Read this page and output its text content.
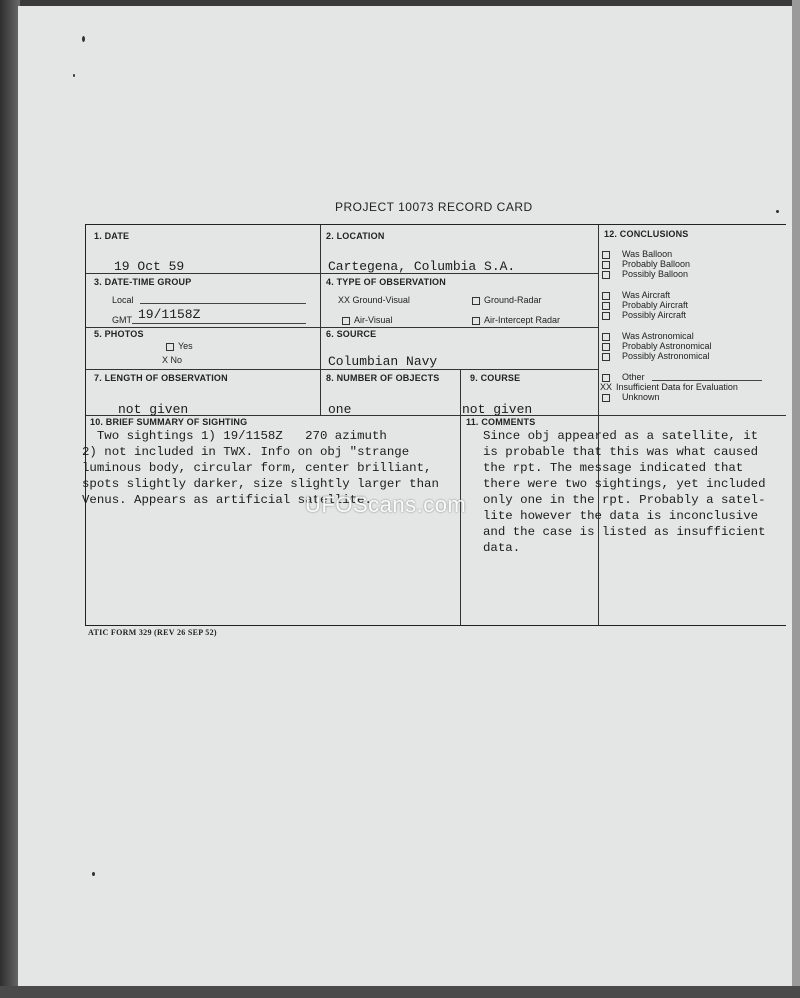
PROJECT 10073 RECORD CARD
1. DATE
19 Oct 59
2. LOCATION
Cartegena, Columbia S.A.
3. DATE-TIME GROUP
Local
GMT 19/1158Z
4. TYPE OF OBSERVATION
XX Ground-Visual	Ground-Radar
Air-Visual	Air-Intercept Radar
5. PHOTOS
Yes
X No
6. SOURCE
Columbian Navy
7. LENGTH OF OBSERVATION
not given
8. NUMBER OF OBJECTS
one
9. COURSE
not given
10. BRIEF SUMMARY OF SIGHTING
Two sightings 1) 19/1158Z   270 azimuth
2) not included in TWX. Info on obj "strange
luminous body, circular form, center brilliant,
spots slightly darker, size slightly larger than
Venus. Appears as artificial satellite.
11. COMMENTS
Since obj appeared as a satellite, it
is probable that this was what caused
the rpt. The message indicated that
there were two sightings, yet included
only one in the rpt. Probably a satel-
lite however the data is inconclusive
and the case is listed as insufficient
data.
12. CONCLUSIONS
Was Balloon
Probably Balloon
Possibly Balloon
Was Aircraft
Probably Aircraft
Possibly Aircraft
Was Astronomical
Probably Astronomical
Possibly Astronomical
Other
XX Insufficient Data for Evaluation
Unknown
ATIC FORM 329 (REV 26 SEP 52)
UFOScans.com
